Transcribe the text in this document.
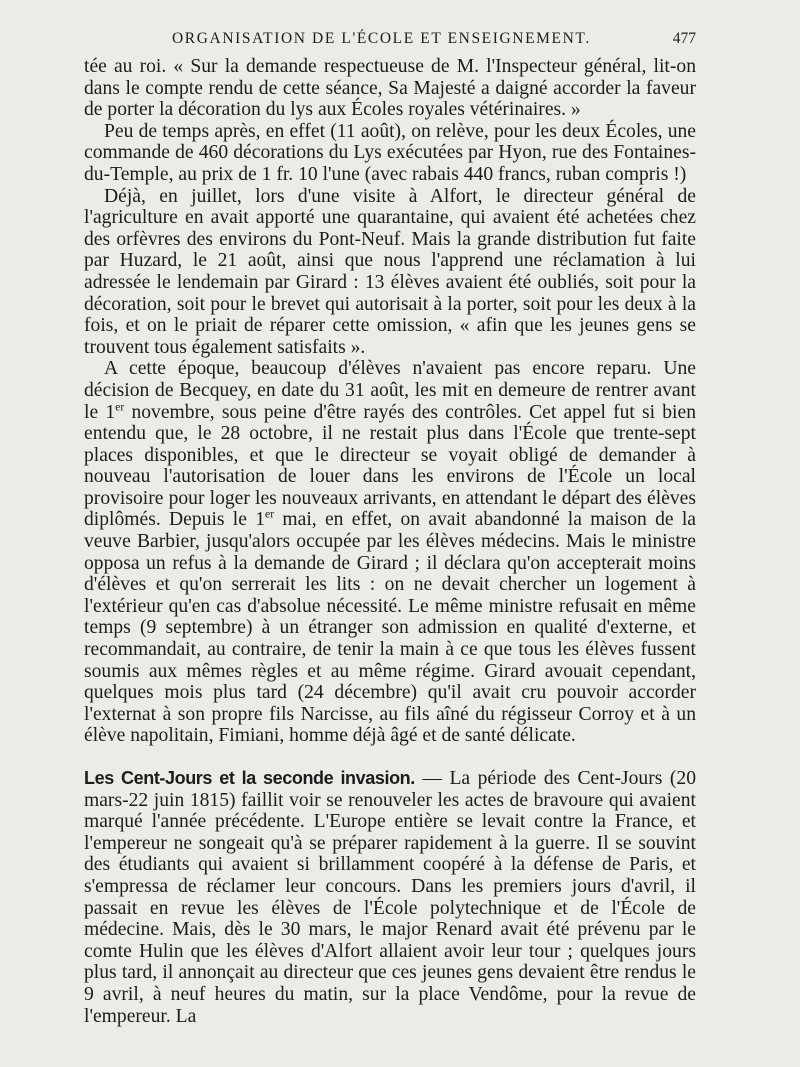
ORGANISATION DE L'ÉCOLE ET ENSEIGNEMENT.	477

tée au roi. « Sur la demande respectueuse de M. l'Inspecteur général, lit-on dans le compte rendu de cette séance, Sa Majesté a daigné accorder la faveur de porter la décoration du lys aux Écoles royales vétérinaires. »

Peu de temps après, en effet (11 août), on relève, pour les deux Écoles, une commande de 460 décorations du Lys exécutées par Hyon, rue des Fontaines-du-Temple, au prix de 1 fr. 10 l'une (avec rabais 440 francs, ruban compris !)

Déjà, en juillet, lors d'une visite à Alfort, le directeur général de l'agriculture en avait apporté une quarantaine, qui avaient été achetées chez des orfèvres des environs du Pont-Neuf. Mais la grande distribution fut faite par Huzard, le 21 août, ainsi que nous l'apprend une réclamation à lui adressée le lendemain par Girard : 13 élèves avaient été oubliés, soit pour la décoration, soit pour le brevet qui autorisait à la porter, soit pour les deux à la fois, et on le priait de réparer cette omission, « afin que les jeunes gens se trouvent tous également satisfaits ».

A cette époque, beaucoup d'élèves n'avaient pas encore reparu. Une décision de Becquey, en date du 31 août, les mit en demeure de rentrer avant le 1er novembre, sous peine d'être rayés des contrôles. Cet appel fut si bien entendu que, le 28 octobre, il ne restait plus dans l'École que trente-sept places disponibles, et que le directeur se voyait obligé de demander à nouveau l'autorisation de louer dans les environs de l'École un local provisoire pour loger les nouveaux arrivants, en attendant le départ des élèves diplômés. Depuis le 1er mai, en effet, on avait abandonné la maison de la veuve Barbier, jusqu'alors occupée par les élèves médecins. Mais le ministre opposa un refus à la demande de Girard ; il déclara qu'on accepterait moins d'élèves et qu'on serrerait les lits : on ne devait chercher un logement à l'extérieur qu'en cas d'absolue nécessité. Le même ministre refusait en même temps (9 septembre) à un étranger son admission en qualité d'externe, et recommandait, au contraire, de tenir la main à ce que tous les élèves fussent soumis aux mêmes règles et au même régime. Girard avouait cependant, quelques mois plus tard (24 décembre) qu'il avait cru pouvoir accorder l'externat à son propre fils Narcisse, au fils aîné du régisseur Corroy et à un élève napolitain, Fimiani, homme déjà âgé et de santé délicate.

Les Cent-Jours et la seconde invasion. — La période des Cent-Jours (20 mars-22 juin 1815) faillit voir se renouveler les actes de bravoure qui avaient marqué l'année précédente. L'Europe entière se levait contre la France, et l'empereur ne songeait qu'à se préparer rapidement à la guerre. Il se souvint des étudiants qui avaient si brillamment coopéré à la défense de Paris, et s'empressa de réclamer leur concours. Dans les premiers jours d'avril, il passait en revue les élèves de l'École polytechnique et de l'École de médecine. Mais, dès le 30 mars, le major Renard avait été prévenu par le comte Hulin que les élèves d'Alfort allaient avoir leur tour ; quelques jours plus tard, il annonçait au directeur que ces jeunes gens devaient être rendus le 9 avril, à neuf heures du matin, sur la place Vendôme, pour la revue de l'empereur. La
